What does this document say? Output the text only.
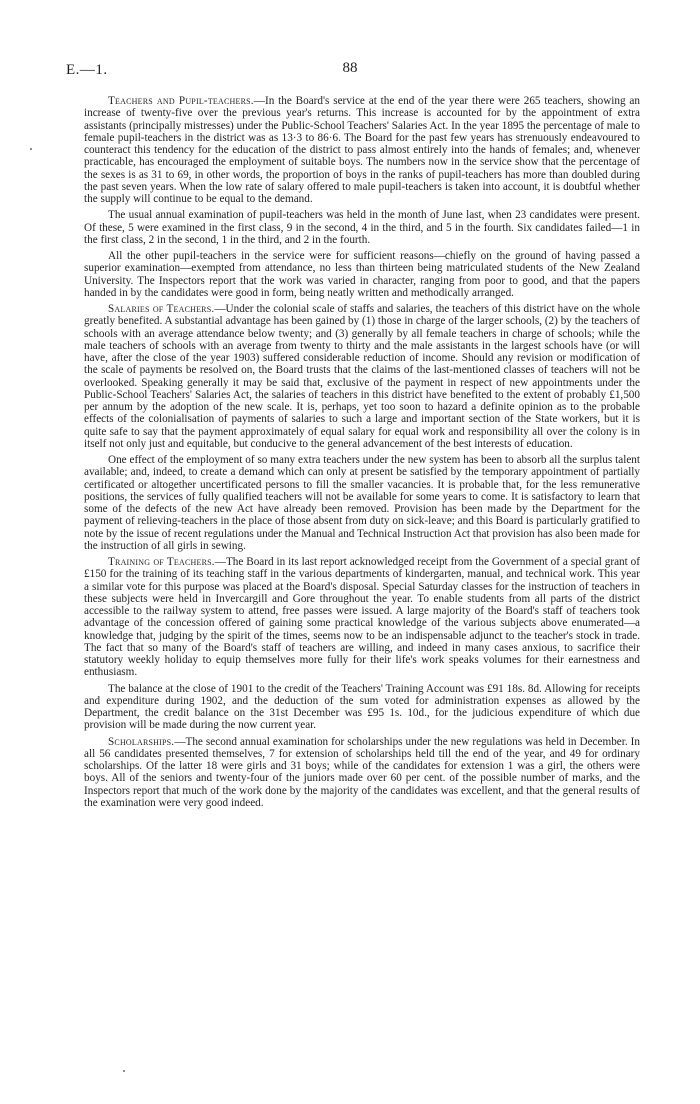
E.—1.	88

Teachers and Pupil-teachers.—In the Board's service at the end of the year there were 265 teachers, showing an increase of twenty-five over the previous year's returns. This increase is accounted for by the appointment of extra assistants (principally mistresses) under the Public-School Teachers' Salaries Act. In the year 1895 the percentage of male to female pupil-teachers in the district was as 13·3 to 86·6. The Board for the past few years has strenuously endeavoured to counteract this tendency for the education of the district to pass almost entirely into the hands of females; and, whenever practicable, has encouraged the employment of suitable boys. The numbers now in the service show that the percentage of the sexes is as 31 to 69, in other words, the proportion of boys in the ranks of pupil-teachers has more than doubled during the past seven years. When the low rate of salary offered to male pupil-teachers is taken into account, it is doubtful whether the supply will continue to be equal to the demand.

The usual annual examination of pupil-teachers was held in the month of June last, when 23 candidates were present. Of these, 5 were examined in the first class, 9 in the second, 4 in the third, and 5 in the fourth. Six candidates failed—1 in the first class, 2 in the second, 1 in the third, and 2 in the fourth.

All the other pupil-teachers in the service were for sufficient reasons—chiefly on the ground of having passed a superior examination—exempted from attendance, no less than thirteen being matriculated students of the New Zealand University. The Inspectors report that the work was varied in character, ranging from poor to good, and that the papers handed in by the candidates were good in form, being neatly written and methodically arranged.

Salaries of Teachers.—Under the colonial scale of staffs and salaries, the teachers of this district have on the whole greatly benefited. A substantial advantage has been gained by (1) those in charge of the larger schools, (2) by the teachers of schools with an average attendance below twenty; and (3) generally by all female teachers in charge of schools; while the male teachers of schools with an average from twenty to thirty and the male assistants in the largest schools have (or will have, after the close of the year 1903) suffered considerable reduction of income. Should any revision or modification of the scale of payments be resolved on, the Board trusts that the claims of the last-mentioned classes of teachers will not be overlooked. Speaking generally it may be said that, exclusive of the payment in respect of new appointments under the Public-School Teachers' Salaries Act, the salaries of teachers in this district have benefited to the extent of probably £1,500 per annum by the adoption of the new scale. It is, perhaps, yet too soon to hazard a definite opinion as to the probable effects of the colonialisation of payments of salaries to such a large and important section of the State workers, but it is quite safe to say that the payment approximately of equal salary for equal work and responsibility all over the colony is in itself not only just and equitable, but conducive to the general advancement of the best interests of education.

One effect of the employment of so many extra teachers under the new system has been to absorb all the surplus talent available; and, indeed, to create a demand which can only at present be satisfied by the temporary appointment of partially certificated or altogether uncertificated persons to fill the smaller vacancies. It is probable that, for the less remunerative positions, the services of fully qualified teachers will not be available for some years to come. It is satisfactory to learn that some of the defects of the new Act have already been removed. Provision has been made by the Department for the payment of relieving-teachers in the place of those absent from duty on sick-leave; and this Board is particularly gratified to note by the issue of recent regulations under the Manual and Technical Instruction Act that provision has also been made for the instruction of all girls in sewing.

Training of Teachers.—The Board in its last report acknowledged receipt from the Government of a special grant of £150 for the training of its teaching staff in the various departments of kindergarten, manual, and technical work. This year a similar vote for this purpose was placed at the Board's disposal. Special Saturday classes for the instruction of teachers in these subjects were held in Invercargill and Gore throughout the year. To enable students from all parts of the district accessible to the railway system to attend, free passes were issued. A large majority of the Board's staff of teachers took advantage of the concession offered of gaining some practical knowledge of the various subjects above enumerated—a knowledge that, judging by the spirit of the times, seems now to be an indispensable adjunct to the teacher's stock in trade. The fact that so many of the Board's staff of teachers are willing, and indeed in many cases anxious, to sacrifice their statutory weekly holiday to equip themselves more fully for their life's work speaks volumes for their earnestness and enthusiasm.

The balance at the close of 1901 to the credit of the Teachers' Training Account was £91 18s. 8d. Allowing for receipts and expenditure during 1902, and the deduction of the sum voted for administration expenses as allowed by the Department, the credit balance on the 31st December was £95 1s. 10d., for the judicious expenditure of which due provision will be made during the now current year.

Scholarships.—The second annual examination for scholarships under the new regulations was held in December. In all 56 candidates presented themselves, 7 for extension of scholarships held till the end of the year, and 49 for ordinary scholarships. Of the latter 18 were girls and 31 boys; while of the candidates for extension 1 was a girl, the others were boys. All of the seniors and twenty-four of the juniors made over 60 per cent. of the possible number of marks, and the Inspectors report that much of the work done by the majority of the candidates was excellent, and that the general results of the examination were very good indeed.
